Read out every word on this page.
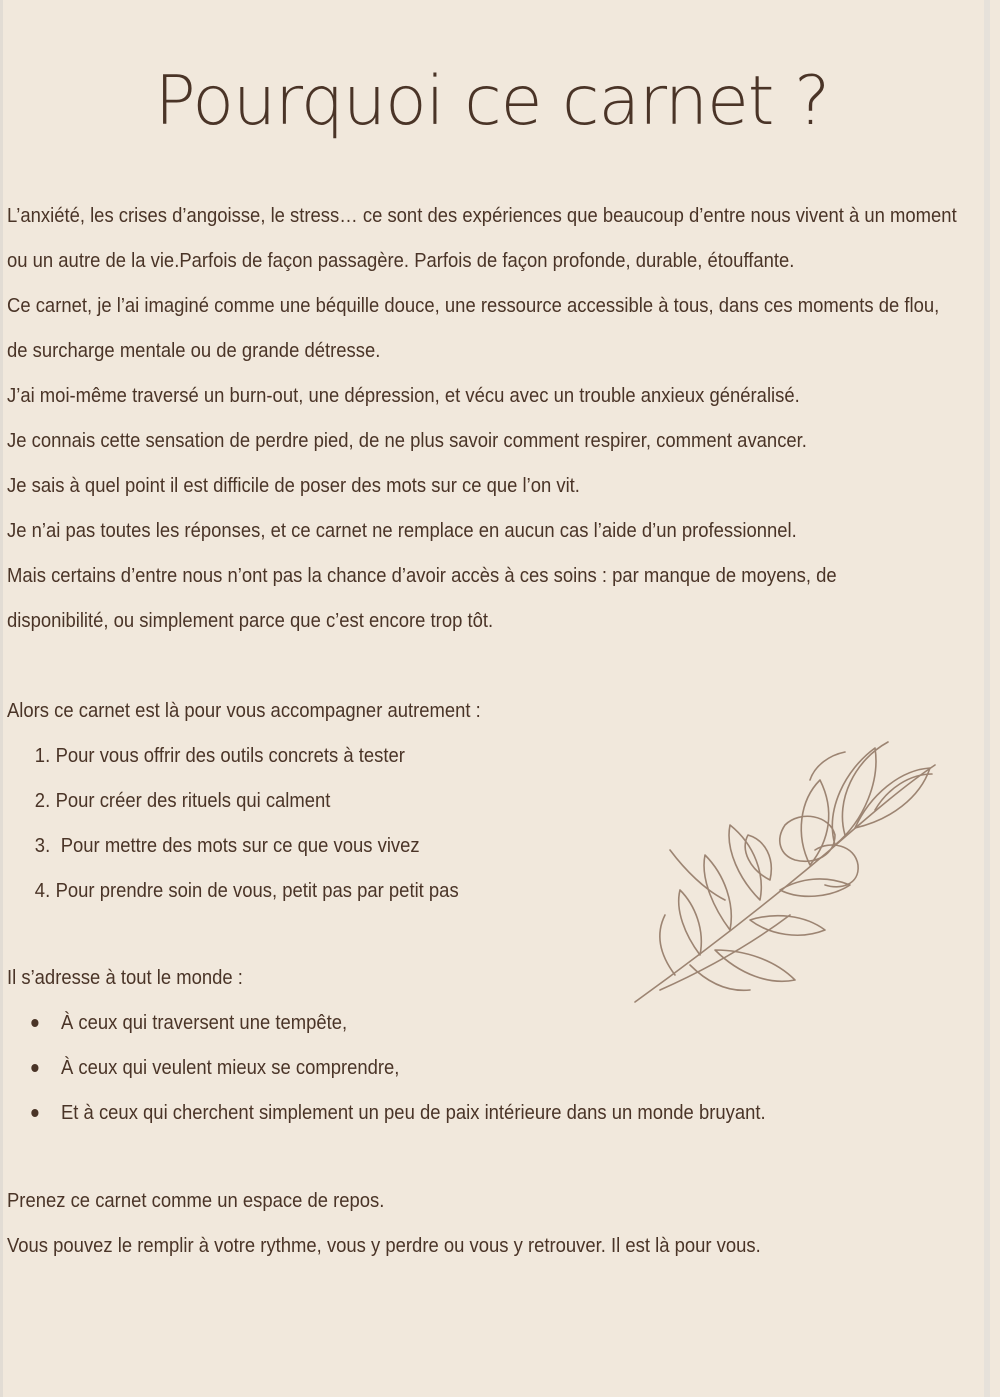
Pourquoi ce carnet ?

L’anxiété, les crises d’angoisse, le stress… ce sont des expériences que beaucoup d’entre nous vivent à un moment ou un autre de la vie.Parfois de façon passagère. Parfois de façon profonde, durable, étouffante.

Ce carnet, je l’ai imaginé comme une béquille douce, une ressource accessible à tous, dans ces moments de flou, de surcharge mentale ou de grande détresse.

J’ai moi-même traversé un burn-out, une dépression, et vécu avec un trouble anxieux généralisé.

Je connais cette sensation de perdre pied, de ne plus savoir comment respirer, comment avancer.

Je sais à quel point il est difficile de poser des mots sur ce que l’on vit.

Je n’ai pas toutes les réponses, et ce carnet ne remplace en aucun cas l’aide d’un professionnel.

Mais certains d’entre nous n’ont pas la chance d’avoir accès à ces soins : par manque de moyens, de disponibilité, ou simplement parce que c’est encore trop tôt.

Alors ce carnet est là pour vous accompagner autrement :

1. Pour vous offrir des outils concrets à tester
2. Pour créer des rituels qui calment
3. Pour mettre des mots sur ce que vous vivez
4. Pour prendre soin de vous, petit pas par petit pas

Il s’adresse à tout le monde :

À ceux qui traversent une tempête,
À ceux qui veulent mieux se comprendre,
Et à ceux qui cherchent simplement un peu de paix intérieure dans un monde bruyant.

Prenez ce carnet comme un espace de repos.

Vous pouvez le remplir à votre rythme, vous y perdre ou vous y retrouver. Il est là pour vous.
